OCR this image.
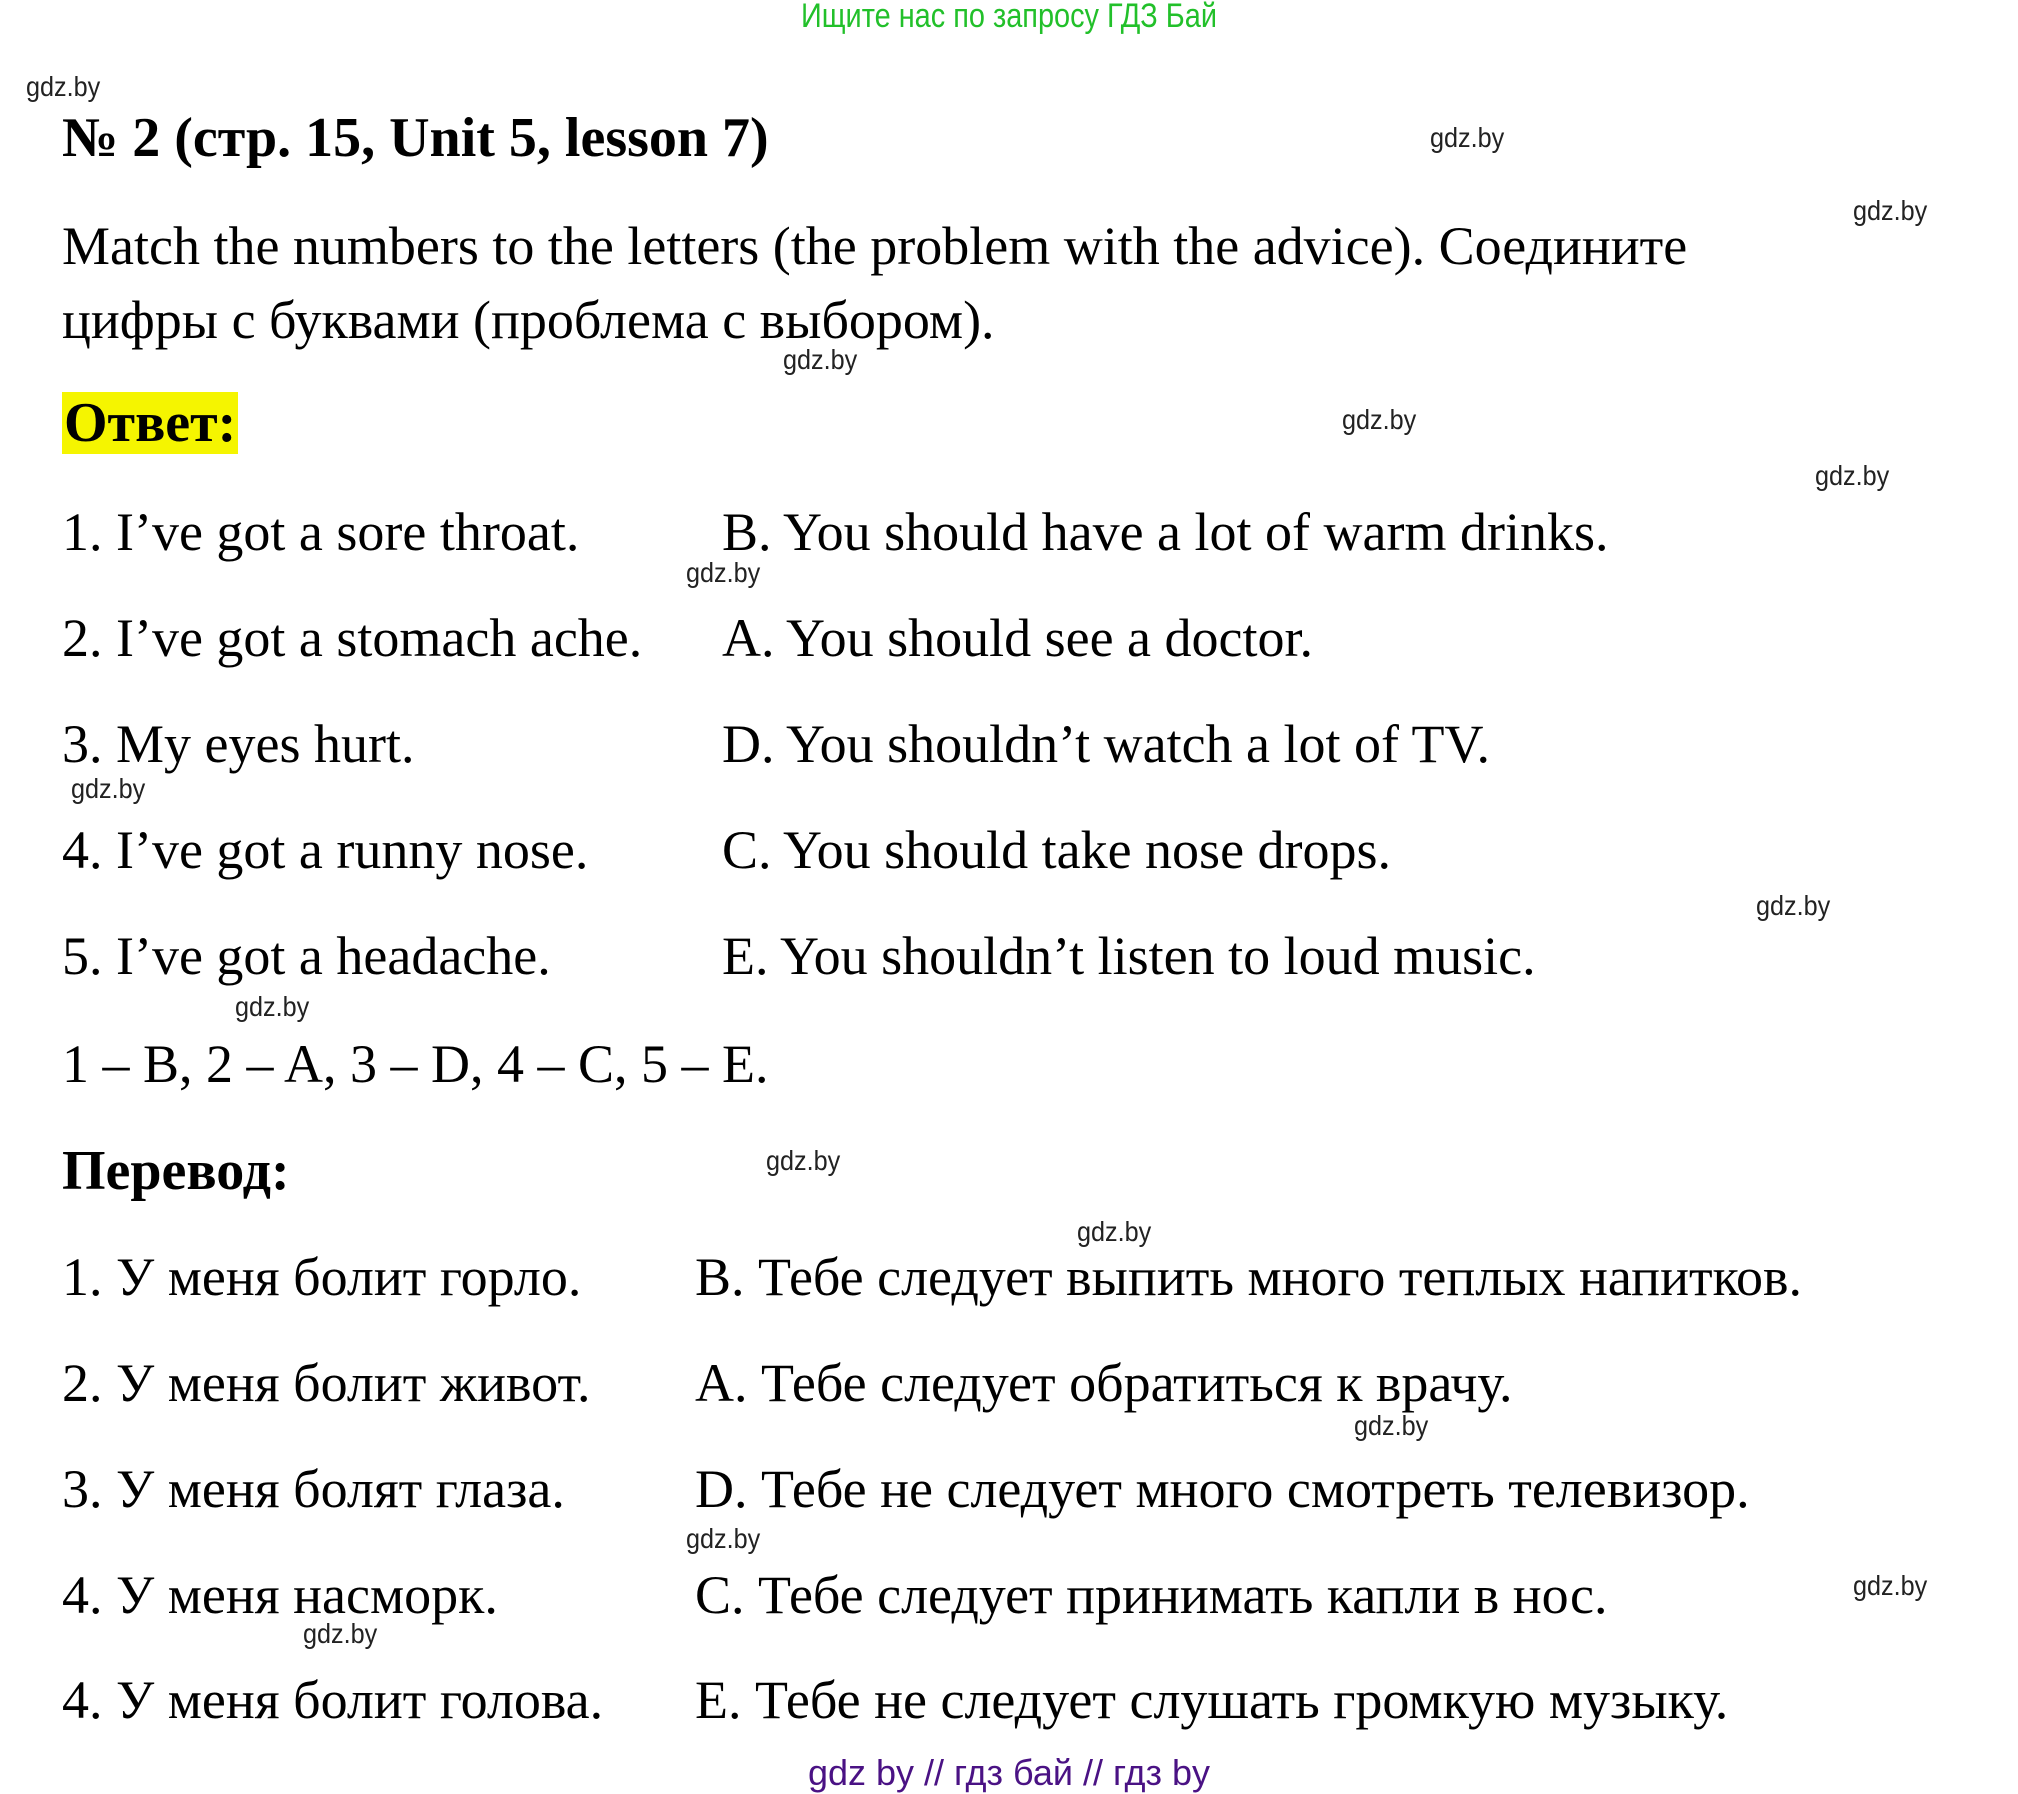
Ищите нас по запросу ГДЗ Бай
№ 2 (стр. 15, Unit 5, lesson 7)
Match the numbers to the letters (the problem with the advice). Соедините
цифры с буквами (проблема с выбором).
Ответ:
1. I’ve got a sore throat.	B. You should have a lot of warm drinks.
2. I’ve got a stomach ache. A. You should see a doctor.
3. My eyes hurt.	D. You shouldn’t watch a lot of TV.
4. I’ve got a runny nose. C. You should take nose drops.
5. I’ve got a headache.	E. You shouldn’t listen to loud music.
1 – B, 2 – A, 3 – D, 4 – C, 5 – E.
Перевод:
1. У меня болит горло. B. Тебе следует выпить много теплых напитков.
2. У меня болит живот. A. Тебе следует обратиться к врачу.
3. У меня болят глаза. D. Тебе не следует много смотреть телевизор.
4. У меня насморк.	C. Тебе следует принимать капли в нос.
4. У меня болит голова. E. Тебе не следует слушать громкую музыку.
gdz.by
gdz.by
gdz.by
gdz.by
gdz.by
gdz.by
gdz.by
gdz.by
gdz.by
gdz.by
gdz.by
gdz.by
gdz.by
gdz.by
gdz.by
gdz.by
gdz by // гдз бай // гдз by
